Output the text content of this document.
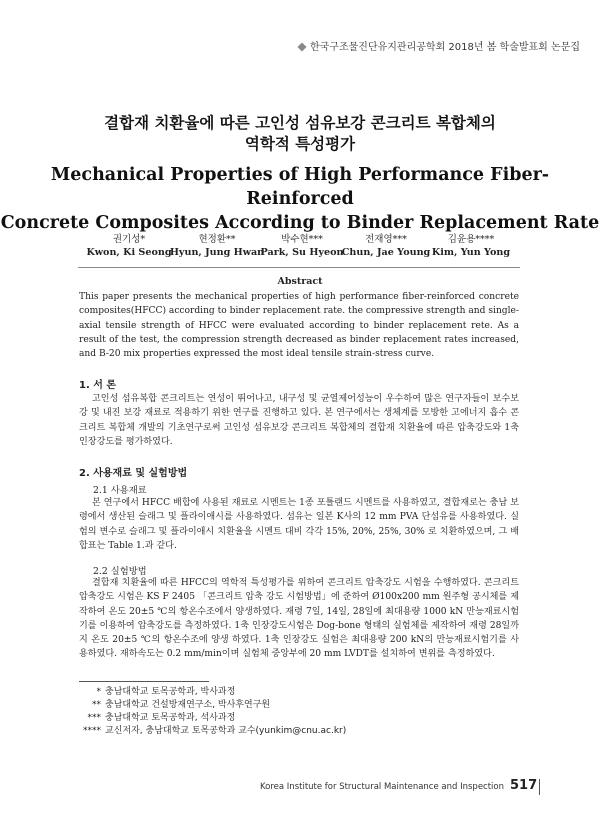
한국구조물진단유지관리공학회 2018년 봄 학술발표회 논문집
결합재 치환율에 따른 고인성 섬유보강 콘크리트 복합체의
역학적 특성평가
Mechanical Properties of High Performance Fiber-Reinforced
Concrete Composites According to Binder Replacement Rate
권기성*
Kwon, Ki Seong
현정환**
Hyun, Jung Hwan
박수현***
Park, Su Hyeon
전재영***
Chun, Jae Young
김윤용****
Kim, Yun Yong
Abstract

This paper presents the mechanical properties of high performance fiber-reinforced concrete composites(HFCC) according to binder replacement rate. the compressive strength and single-axial tensile strength of HFCC were evaluated according to binder replacement rete. As a result of the test, the compression strength decreased as binder replacement rates increased, and B-20 mix properties expressed the most ideal tensile strain-stress curve.

1. 서 론

고인성 섬유복합 콘크리트는 연성이 뛰어나고, 내구성 및 균열제어성능이 우수하여 많은 연구자들이 보수보강 및 내진 보강 재료로 적용하기 위한 연구를 진행하고 있다. 본 연구에서는 생체계를 모방한 고에너지 흡수 콘크리트 복합체 개발의 기초연구로써 고인성 섬유보강 콘크리트 복합체의 결합재 치환율에 따른 압축강도와 1축 인장강도를 평가하였다.

2. 사용재료 및 실험방법
2.1 사용재료

본 연구에서 HFCC 배합에 사용된 재료로 시멘트는 1종 포틀랜드 시멘트를 사용하였고, 결합재로는 충남 보령에서 생산된 슬래그 및 플라이애시를 사용하였다. 섬유는 일본 K사의 12 mm PVA 단섬유를 사용하였다. 실험의 변수로 슬래그 및 플라이애시 치환율을 시멘트 대비 각각 15%, 20%, 25%, 30% 로 치환하였으며, 그 배합표는 Table 1.과 같다.

2.2 실험방법

결합재 치환율에 따른 HFCC의 역학적 특성평가를 위하여 콘크리트 압축강도 시험을 수행하였다. 콘크리트 압축강도 시험은 KS F 2405 「콘크리트 압축 강도 시험방법」에 준하여 Ø100x200 mm 원주형 공시체를 제작하여 온도 20±5 ℃의 항온수조에서 양생하였다. 재령 7일, 14일, 28일에 최대용량 1000 kN 만능재료시험기를 이용하여 압축강도를 측정하였다. 1축 인장강도시험은 Dog-bone 형태의 실험체를 제작하여 재령 28일까지 온도 20±5 ℃의 항온수조에 양생 하였다. 1축 인장강도 실험은 최대용량 200 kN의 만능재료시험기를 사용하였다. 재하속도는 0.2 mm/min이며 실험체 중앙부에 20 mm LVDT를 설치하여 변위를 측정하였다.

* 충남대학교 토목공학과, 박사과정
** 충남대학교 건설방재연구소, 박사후연구원
*** 충남대학교 토목공학과, 석사과정
**** 교신저자, 충남대학교 토목공학과 교수(yunkim@cnu.ac.kr)
Korea Institute for Structural Maintenance and Inspection 517
